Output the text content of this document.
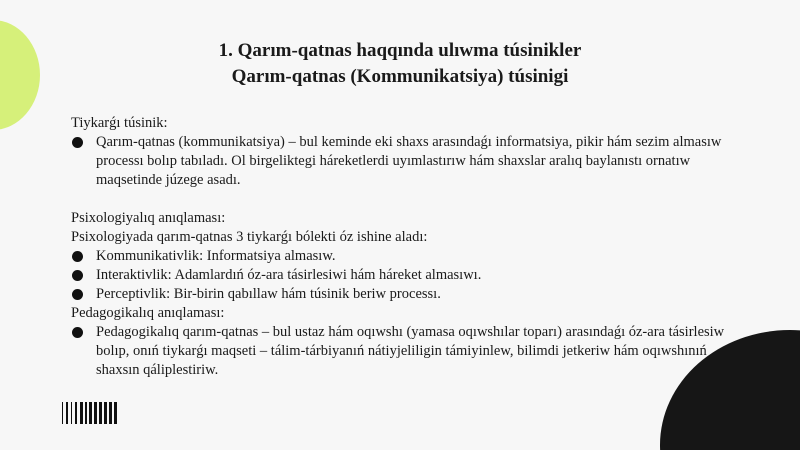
1. Qarım-qatnas haqqında ulıwma túsinikler
Qarım-qatnas (Kommunikatsiya) túsinigi

Tiykarǵı túsinik:

Qarım-qatnas (kommunikatsiya) – bul keminde eki shaxs arasındaǵı informatsiya, pikir hám sezim almasıw processı bolıp tabıladı. Ol birgeliktegi háreketlerdi uyımlastırıw hám shaxslar aralıq baylanıstı ornatıw maqsetinde júzege asadı.

Psixologiyalıq anıqlaması:

Psixologiyada qarım-qatnas 3 tiykarǵı bólekti óz ishine aladı:

Kommunikativlik: Informatsiya almasıw.
Interaktivlik: Adamlardıń óz-ara tásirlesiwi hám háreket almasıwı.
Perceptivlik: Bir-birin qabıllaw hám túsinik beriw processı.

Pedagogikalıq anıqlaması:

Pedagogikalıq qarım-qatnas – bul ustaz hám oqıwshı (yamasa oqıwshılar toparı) arasındaǵı óz-ara tásirlesiw bolıp, onıń tiykarǵı maqseti – tálim-tárbiyanıń nátiyjeliligin támiyinlew, bilimdi jetkeriw hám oqıwshınıń shaxsın qáliplestiriw.
